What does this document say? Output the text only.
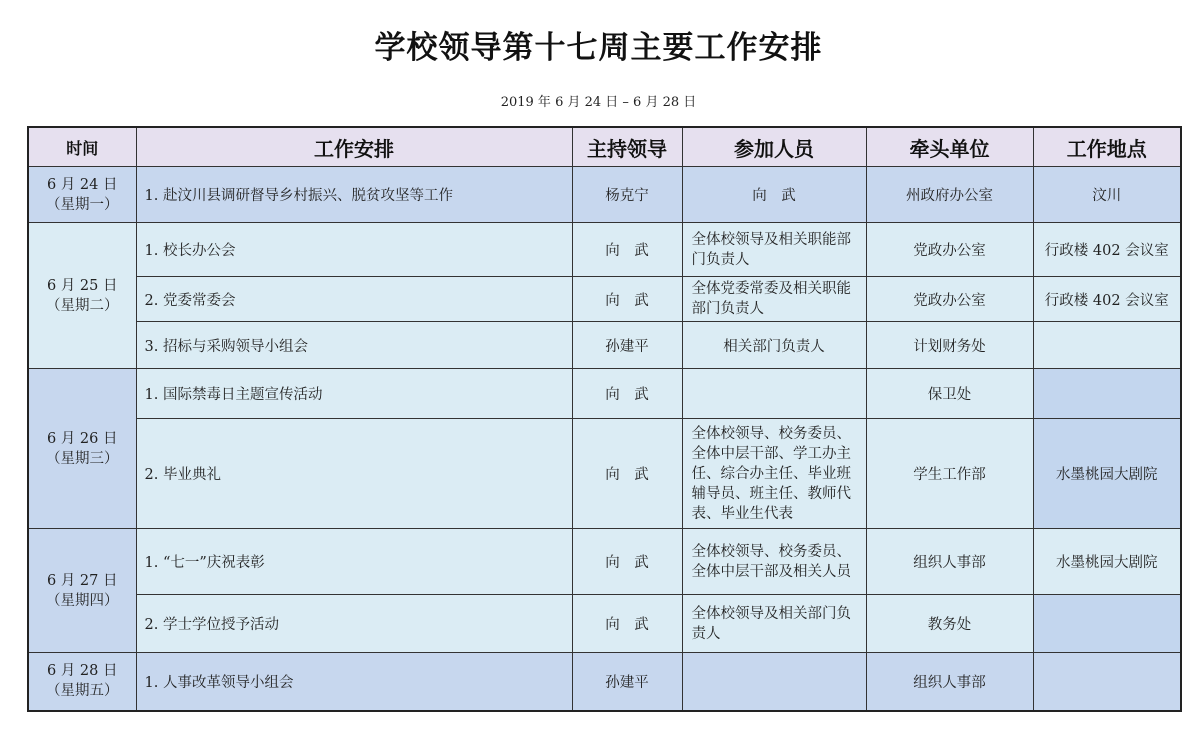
学校领导第十七周主要工作安排
2019 年 6 月 24 日 – 6 月 28 日
时间	工作安排	主持领导	参加人员	牵头单位	工作地点
6 月 24 日
（星期一）	1. 赴汶川县调研督导乡村振兴、脱贫攻坚等工作	杨克宁	向　武	州政府办公室	汶川
6 月 25 日
（星期二）	1. 校长办公会	向　武	全体校领导及相关职能部门负责人	党政办公室	行政楼 402 会议室
	2. 党委常委会	向　武	全体党委常委及相关职能部门负责人	党政办公室	行政楼 402 会议室
	3. 招标与采购领导小组会	孙建平	相关部门负责人	计划财务处	
6 月 26 日
（星期三）	1. 国际禁毒日主题宣传活动	向　武		保卫处	
	2. 毕业典礼	向　武	全体校领导、校务委员、全体中层干部、学工办主任、综合办主任、毕业班辅导员、班主任、教师代表、毕业生代表	学生工作部	水墨桃园大剧院
6 月 27 日
（星期四）	1. “七一”庆祝表彰	向　武	全体校领导、校务委员、全体中层干部及相关人员	组织人事部	水墨桃园大剧院
	2. 学士学位授予活动	向　武	全体校领导及相关部门负责人	教务处	
6 月 28 日
（星期五）	1. 人事改革领导小组会	孙建平		组织人事部	
